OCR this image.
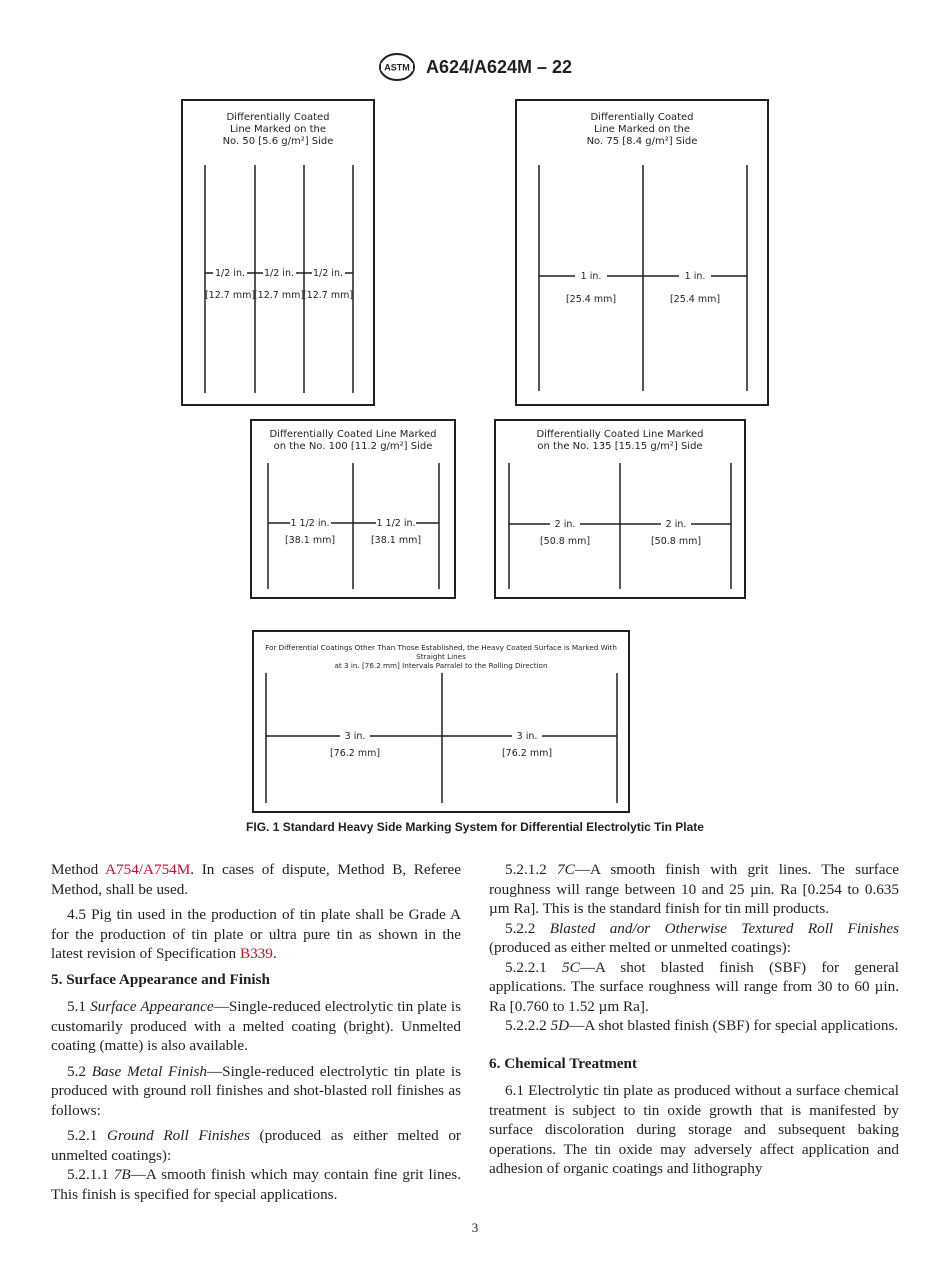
ASTM A624/A624M – 22
Differentially Coated
Line Marked on the
No. 50 [5.6 g/m²] Side
1/2 in. 1/2 in. 1/2 in.
[12.7 mm]
[12.7 mm]
[12.7 mm]
Differentially Coated
Line Marked on the
No. 75 [8.4 g/m²] Side
1 in.	1 in.
[25.4 mm]	[25.4 mm]
Differentially Coated Line Marked
on the No. 100 [11.2 g/m²] Side
1 1/2 in.	1 1/2 in.
[38.1 mm]	[38.1 mm]
Differentially Coated Line Marked
on the No. 135 [15.15 g/m²] Side
2 in.	2 in.
[50.8 mm]	[50.8 mm]
For Differential Coatings Other Than Those Established, the Heavy Coated Surface is Marked With Straight Lines
at 3 in. [76.2 mm] Intervals Parralel to the Rolling Direction
3 in.	3 in.
[76.2 mm]	[76.2 mm]
FIG. 1 Standard Heavy Side Marking System for Differential Electrolytic Tin Plate

Method A754/A754M. In cases of dispute, Method B, Referee Method, shall be used.

4.5 Pig tin used in the production of tin plate shall be Grade A for the production of tin plate or ultra pure tin as shown in the latest revision of Specification B339.

5. Surface Appearance and Finish

5.1 Surface Appearance—Single-reduced electrolytic tin plate is customarily produced with a melted coating (bright). Unmelted coating (matte) is also available.

5.2 Base Metal Finish—Single-reduced electrolytic tin plate is produced with ground roll finishes and shot-blasted roll finishes as follows:

5.2.1 Ground Roll Finishes (produced as either melted or unmelted coatings):

5.2.1.1 7B—A smooth finish which may contain fine grit lines. This finish is specified for special applications.

5.2.1.2 7C—A smooth finish with grit lines. The surface roughness will range between 10 and 25 µin. Ra [0.254 to 0.635 µm Ra]. This is the standard finish for tin mill products.

5.2.2 Blasted and/or Otherwise Textured Roll Finishes (produced as either melted or unmelted coatings):

5.2.2.1 5C—A shot blasted finish (SBF) for general applications. The surface roughness will range from 30 to 60 µin. Ra [0.760 to 1.52 µm Ra].

5.2.2.2 5D—A shot blasted finish (SBF) for special applications.

6. Chemical Treatment

6.1 Electrolytic tin plate as produced without a surface chemical treatment is subject to tin oxide growth that is manifested by surface discoloration during storage and subsequent baking operations. The tin oxide may adversely affect application and adhesion of organic coatings and lithography

3
